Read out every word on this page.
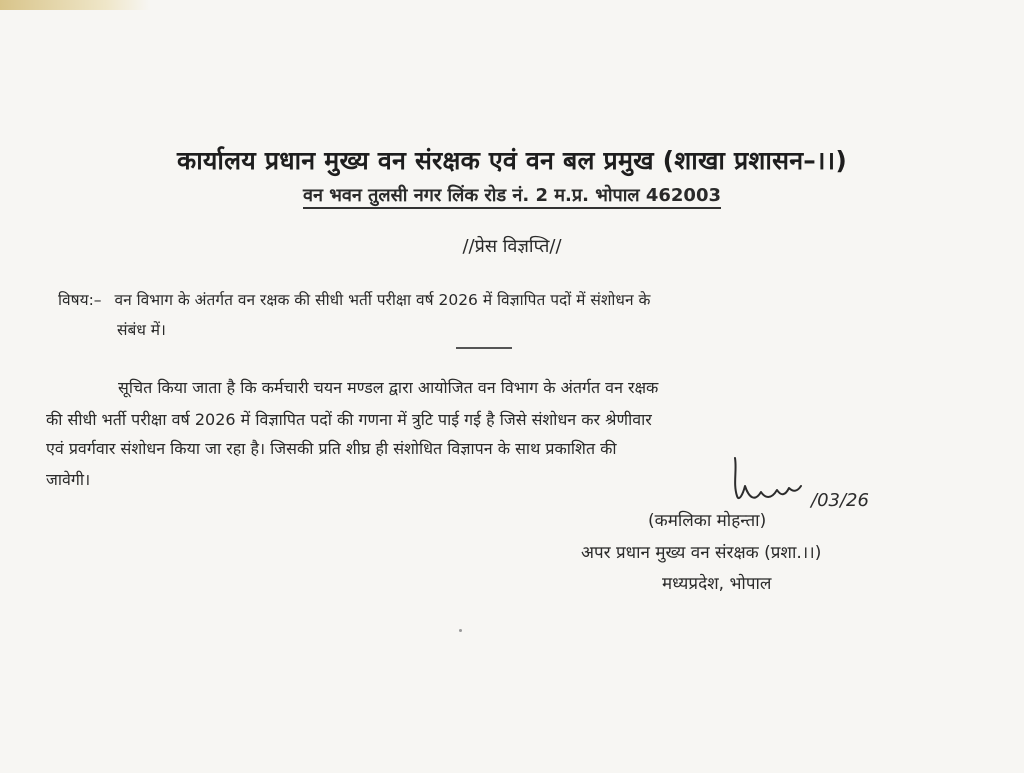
कार्यालय प्रधान मुख्य वन संरक्षक एवं वन बल प्रमुख (शाखा प्रशासन–।।)
वन भवन तुलसी नगर लिंक रोड नं. 2 म.प्र. भोपाल 462003
//प्रेस विज्ञप्ति//
विषय:– वन विभाग के अंतर्गत वन रक्षक की सीधी भर्ती परीक्षा वर्ष 2026 में विज्ञापित पदों में संशोधन के
संबंध में।
सूचित किया जाता है कि कर्मचारी चयन मण्डल द्वारा आयोजित वन विभाग के अंतर्गत वन रक्षक
की सीधी भर्ती परीक्षा वर्ष 2026 में विज्ञापित पदों की गणना में त्रुटि पाई गई है जिसे संशोधन कर श्रेणीवार
एवं प्रवर्गवार संशोधन किया जा रहा है। जिसकी प्रति शीघ्र ही संशोधित विज्ञापन के साथ प्रकाशित की
जावेगी।
/03/26
(कमलिका मोहन्ता)
अपर प्रधान मुख्य वन संरक्षक (प्रशा.।।)
मध्यप्रदेश, भोपाल
